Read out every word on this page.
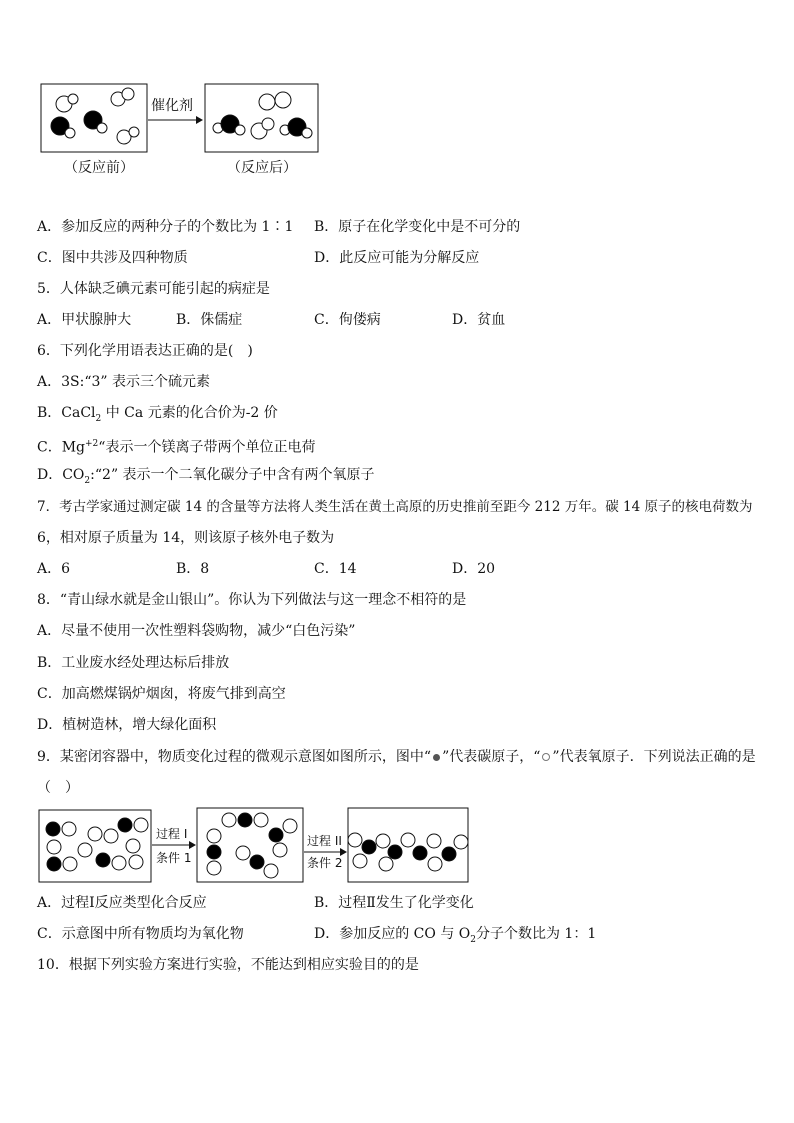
催化剂
（反应前）	（反应后）
A．参加反应的两种分子的个数比为 1∶1 B．原子在化学变化中是不可分的
C．图中共涉及四种物质	D．此反应可能为分解反应
5．人体缺乏碘元素可能引起的病症是
A．甲状腺肿大	B．侏儒症	C．佝偻病	D．贫血
6．下列化学用语表达正确的是(　)
A．3S:“3” 表示三个硫元素
B．CaCl$_2$ 中 Ca 元素的化合价为-2 价
C．$Mg^{+2}“$表示一个镁离子带两个单位正电荷
D．$CO_2:“2$” 表示一个二氧化碳分子中含有两个氧原子
7．考古学家通过测定碳 14 的含量等方法将人类生活在黄土高原的历史推前至距今 212 万年。碳 14 原子的核电荷数为
6，相对原子质量为 14，则该原子核外电子数为
A．6	B．8	C．14	D．20
8．“青山绿水就是金山银山”。你认为下列做法与这一理念不相符的是
A．尽量不使用一次性塑料袋购物，减少“白色污染”
B．工业废水经处理达标后排放
C．加高燃煤锅炉烟囱，将废气排到高空
D．植树造林，增大绿化面积
9．某密闭容器中，物质变化过程的微观示意图如图所示，图中“ ”代表碳原子，“ ”代表氧原子．下列说法正确的是
（　）
过程 I
条件 1
过程 II
条件 2
A．过程Ⅰ反应类型化合反应	B．过程Ⅱ发生了化学变化
C．示意图中所有物质均为氧化物	D．参加反应的 CO 与 $O_2$分子个数比为 1：1
10．根据下列实验方案进行实验，不能达到相应实验目的的是
